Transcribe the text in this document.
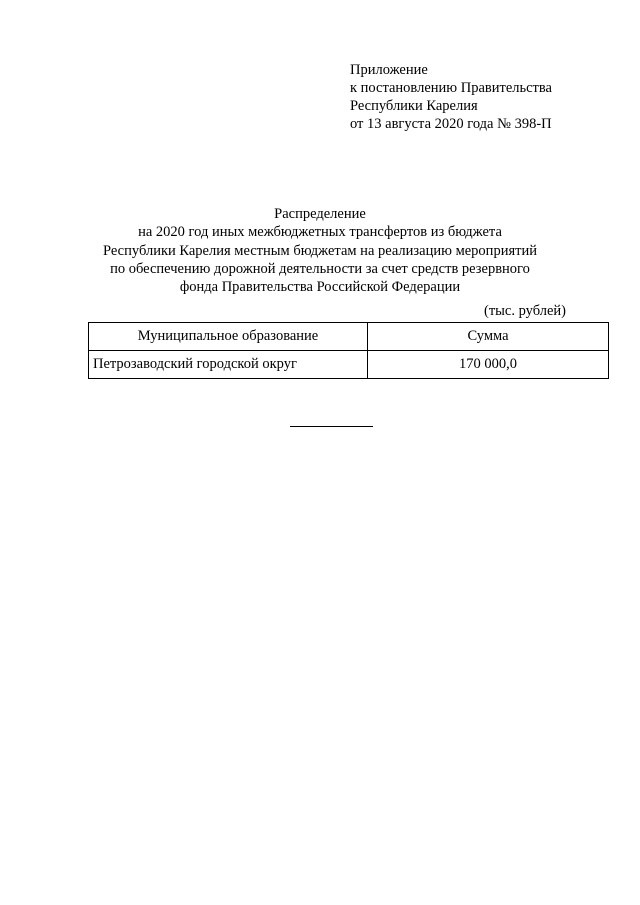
Приложение
к постановлению Правительства
Республики Карелия
от 13 августа 2020 года № 398-П
Распределение
на 2020 год иных межбюджетных трансфертов из бюджета
Республики Карелия местным бюджетам на реализацию мероприятий
по обеспечению дорожной деятельности за счет средств резервного
фонда Правительства Российской Федерации
(тыс. рублей)
Муниципальное образование	Сумма
Петрозаводский городской округ	170 000,0
